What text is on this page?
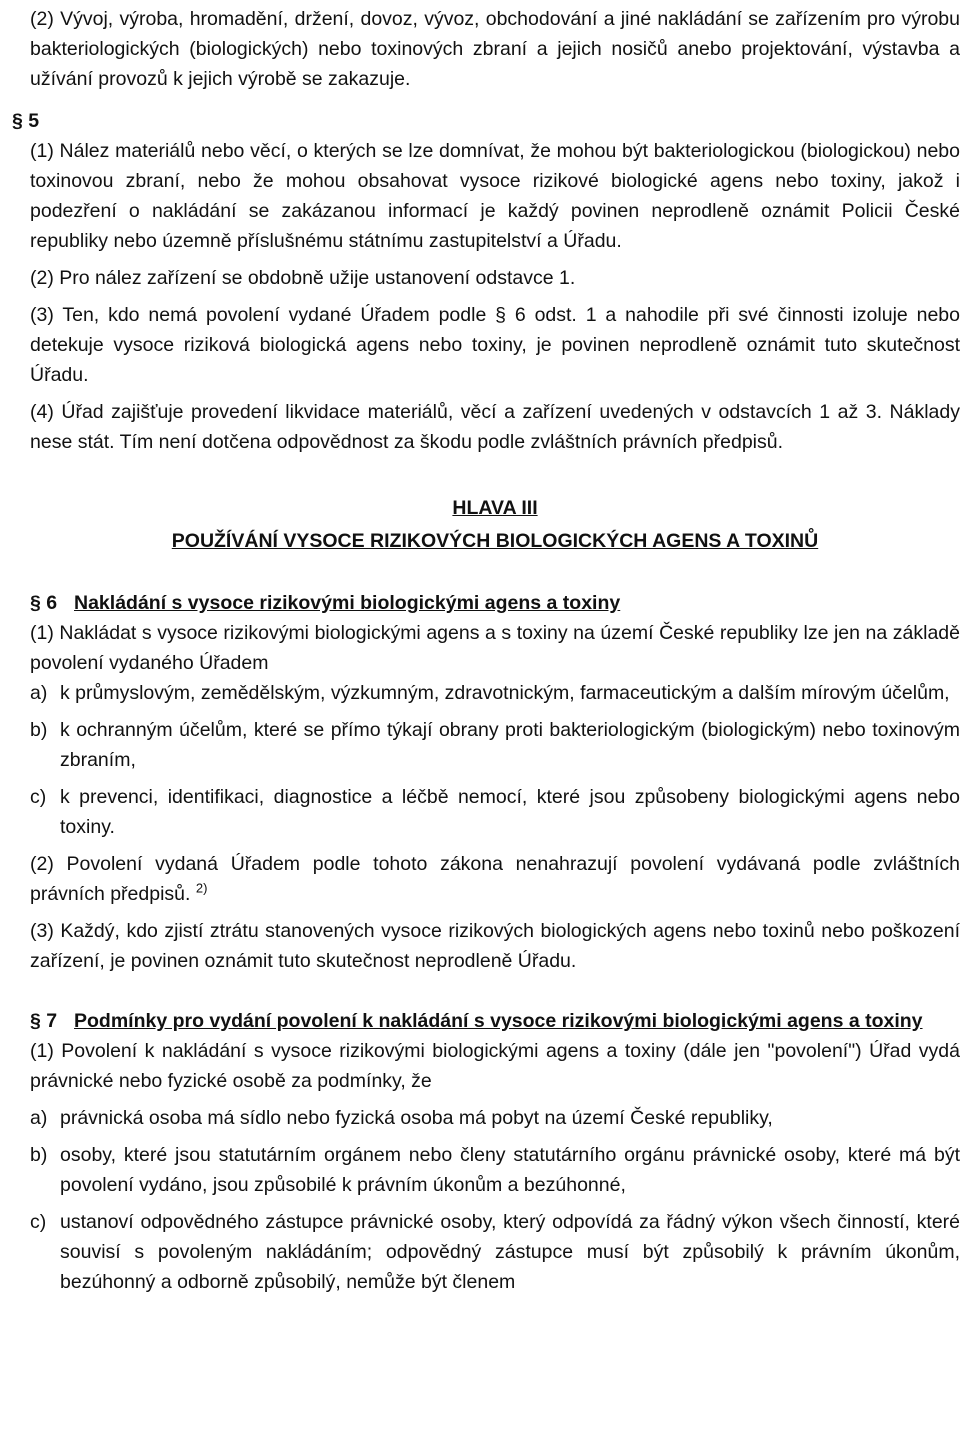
(2) Vývoj, výroba, hromadění, držení, dovoz, vývoz, obchodování a jiné nakládání se zařízením pro výrobu bakteriologických (biologických) nebo toxinových zbraní a jejich nosičů anebo projektování, výstavba a užívání provozů k jejich výrobě se zakazuje.

§ 5

(1) Nález materiálů nebo věcí, o kterých se lze domnívat, že mohou být bakteriologickou (biologickou) nebo toxinovou zbraní, nebo že mohou obsahovat vysoce rizikové biologické agens nebo toxiny, jakož i podezření o nakládání se zakázanou informací je každý povinen neprodleně oznámit Policii České republiky nebo územně příslušnému státnímu zastupitelství a Úřadu.

(2) Pro nález zařízení se obdobně užije ustanovení odstavce 1.

(3) Ten, kdo nemá povolení vydané Úřadem podle § 6 odst. 1 a nahodile při své činnosti izoluje nebo detekuje vysoce riziková biologická agens nebo toxiny, je povinen neprodleně oznámit tuto skutečnost Úřadu.

(4) Úřad zajišťuje provedení likvidace materiálů, věcí a zařízení uvedených v odstavcích 1 až 3. Náklady nese stát. Tím není dotčena odpovědnost za škodu podle zvláštních právních předpisů.

HLAVA III

POUŽÍVÁNÍ VYSOCE RIZIKOVÝCH BIOLOGICKÝCH AGENS A TOXINŮ

§ 6 Nakládání s vysoce rizikovými biologickými agens a toxiny

(1) Nakládat s vysoce rizikovými biologickými agens a s toxiny na území České republiky lze jen na základě povolení vydaného Úřadem

a) k průmyslovým, zemědělským, výzkumným, zdravotnickým, farmaceutickým a dalším mírovým účelům,
b) k ochranným účelům, které se přímo týkají obrany proti bakteriologickým (biologickým) nebo toxinovým zbraním,
c) k prevenci, identifikaci, diagnostice a léčbě nemocí, které jsou způsobeny biologickými agens nebo toxiny.

(2) Povolení vydaná Úřadem podle tohoto zákona nenahrazují povolení vydávaná podle zvláštních právních předpisů. $^{2)}$

(3) Každý, kdo zjistí ztrátu stanovených vysoce rizikových biologických agens nebo toxinů nebo poškození zařízení, je povinen oznámit tuto skutečnost neprodleně Úřadu.

§ 7 Podmínky pro vydání povolení k nakládání s vysoce rizikovými biologickými agens a toxiny

(1) Povolení k nakládání s vysoce rizikovými biologickými agens a toxiny (dále jen "povolení") Úřad vydá právnické nebo fyzické osobě za podmínky, že

a) právnická osoba má sídlo nebo fyzická osoba má pobyt na území České republiky,
b) osoby, které jsou statutárním orgánem nebo členy statutárního orgánu právnické osoby, které má být povolení vydáno, jsou způsobilé k právním úkonům a bezúhonné,
c) ustanoví odpovědného zástupce právnické osoby, který odpovídá za řádný výkon všech činností, které souvisí s povoleným nakládáním; odpovědný zástupce musí být způsobilý k právním úkonům, bezúhonný a odborně způsobilý, nemůže být členem
